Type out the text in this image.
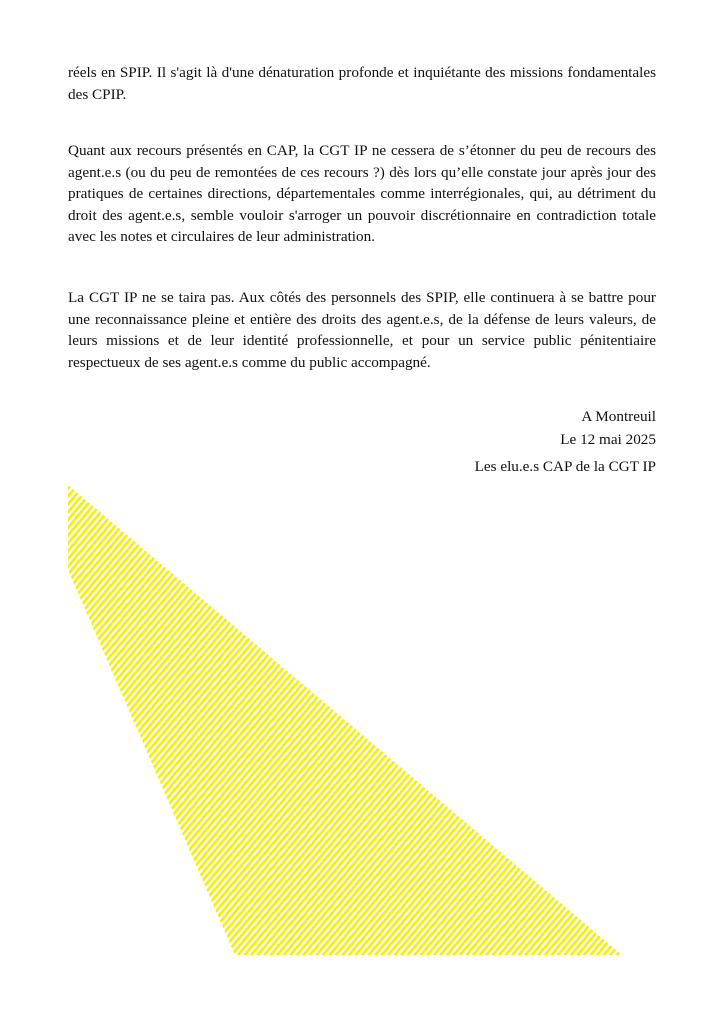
réels en SPIP. Il s'agit là d'une dénaturation profonde et inquiétante des missions fondamentales des CPIP.

Quant aux recours présentés en CAP, la CGT IP ne cessera de s’étonner du peu de recours des agent.e.s (ou du peu de remontées de ces recours ?) dès lors qu’elle constate jour après jour des pratiques de certaines directions, départementales comme interrégionales, qui, au détriment du droit des agent.e.s, semble vouloir s'arroger un pouvoir discrétionnaire en contradiction totale avec les notes et circulaires de leur administration.

La CGT IP ne se taira pas. Aux côtés des personnels des SPIP, elle continuera à se battre pour une reconnaissance pleine et entière des droits des agent.e.s, de la défense de leurs valeurs, de leurs missions et de leur identité professionnelle, et pour un service public pénitentiaire respectueux de ses agent.e.s comme du public accompagné.

A Montreuil

Le 12 mai 2025

Les elu.e.s CAP de la CGT IP
